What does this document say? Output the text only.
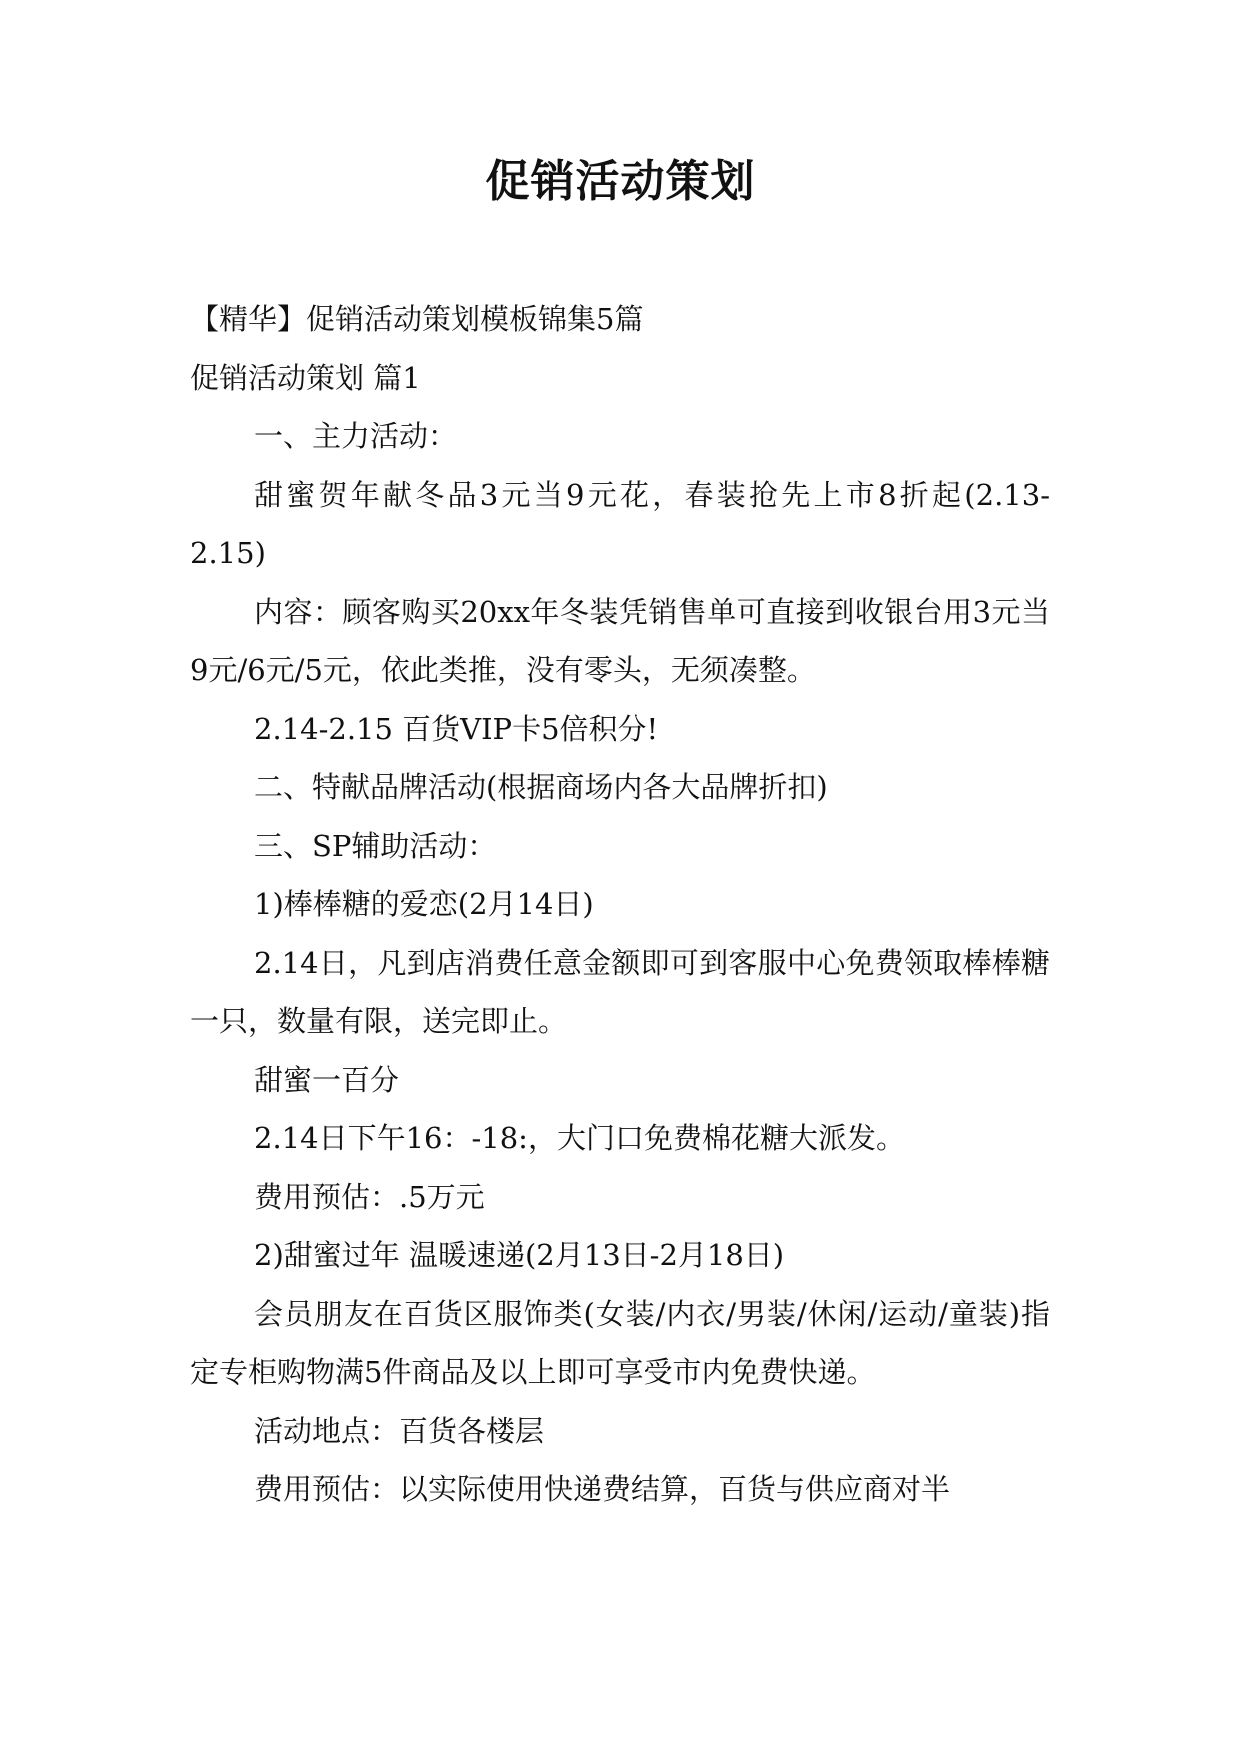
促销活动策划

【精华】促销活动策划模板锦集5篇

促销活动策划 篇1

一、主力活动：

甜蜜贺年献冬品3元当9元花，春装抢先上市8折起(2.13-2.15)

内容：顾客购买20xx年冬装凭销售单可直接到收银台用3元当9元/6元/5元，依此类推，没有零头，无须凑整。

2.14-2.15 百货VIP卡5倍积分!

二、特献品牌活动(根据商场内各大品牌折扣)

三、SP辅助活动：

1)棒棒糖的爱恋(2月14日)

2.14日，凡到店消费任意金额即可到客服中心免费领取棒棒糖一只，数量有限，送完即止。

甜蜜一百分

2.14日下午16：-18:，大门口免费棉花糖大派发。

费用预估：.5万元

2)甜蜜过年 温暖速递(2月13日-2月18日)

会员朋友在百货区服饰类(女装/内衣/男装/休闲/运动/童装)指定专柜购物满5件商品及以上即可享受市内免费快递。

活动地点：百货各楼层

费用预估：以实际使用快递费结算，百货与供应商对半
